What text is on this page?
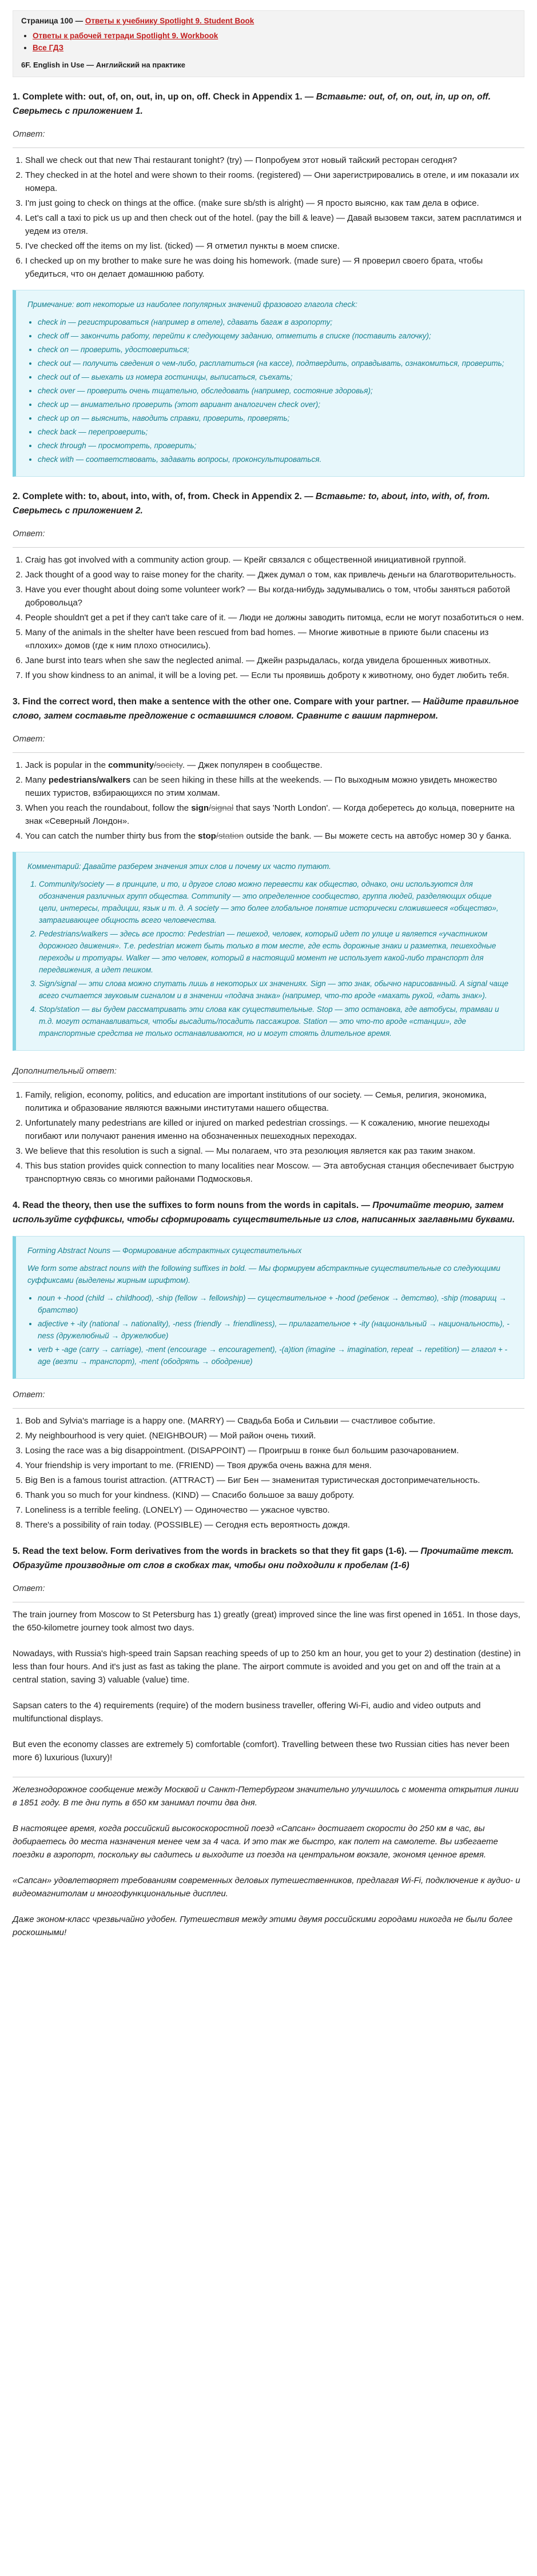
Страница 100 — Ответы к учебнику Spotlight 9. Student Book
• Ответы к рабочей тетради Spotlight 9. Workbook
• Все ГДЗ
6F. English in Use — Английский на практике
1. Complete with: out, of, on, out, in, up on, off. Check in Appendix 1. — Вставьте: out, of, on, out, in, up on, off. Сверьтесь с приложением 1.
Ответ:
1. Shall we check out that new Thai restaurant tonight? (try) — Попробуем этот новый тайский ресторан сегодня?
2. They checked in at the hotel and were shown to their rooms. (registered) — Они зарегистрировались в отеле, и им показали их номера.
3. I'm just going to check on things at the office. (make sure sb/sth is alright) — Я просто выясню, как там дела в офисе.
4. Let's call a taxi to pick us up and then check out of the hotel. (pay the bill & leave) — Давай вызовем такси, затем расплатимся и уедем из отеля.
5. I've checked off the items on my list. (ticked) — Я отметил пункты в моем списке.
6. I checked up on my brother to make sure he was doing his homework. (made sure) — Я проверил своего брата, чтобы убедиться, что он делает домашнюю работу.
Примечание: вот некоторые из наиболее популярных значений фразового глагола check:
• check in — регистрироваться (например в отеле), сдавать багаж в аэропорту;
• check off — закончить работу, перейти к следующему заданию, отметить в списке (поставить галочку);
• check on — проверить, удостовериться;
• check out — получить сведения о чем-либо, расплатиться (на кассе), подтвердить, оправдывать, ознакомиться, проверить;
• check out of — выехать из номера гостиницы, выписаться, съехать;
• check over — проверить очень тщательно, обследовать (например, состояние здоровья);
• check up — внимательно проверить (этот вариант аналогичен check over);
• check up on — выяснить, наводить справки, проверить, проверять;
• check back — перепроверить;
• check through — просмотреть, проверить;
• check with — соответствовать, задавать вопросы, проконсультироваться.
2. Complete with: to, about, into, with, of, from. Check in Appendix 2. — Вставьте: to, about, into, with, of, from. Сверьтесь с приложением 2.
Ответ:
1. Craig has got involved with a community action group. — Крейг связался с общественной инициативной группой.
2. Jack thought of a good way to raise money for the charity. — Джек думал о том, как привлечь деньги на благотворительность.
3. Have you ever thought about doing some volunteer work? — Вы когда-нибудь задумывались о том, чтобы заняться работой добровольца?
4. People shouldn't get a pet if they can't take care of it. — Люди не должны заводить питомца, если не могут позаботиться о нем.
5. Many of the animals in the shelter have been rescued from bad homes. — Многие животные в приюте были спасены из «плохих» домов (где к ним плохо относились).
6. Jane burst into tears when she saw the neglected animal. — Джейн разрыдалась, когда увидела брошенных животных.
7. If you show kindness to an animal, it will be a loving pet. — Если ты проявишь доброту к животному, оно будет любить тебя.
3. Find the correct word, then make a sentence with the other one. Compare with your partner. — Найдите правильное слово, затем составьте предложение с оставшимся словом. Сравните с вашим партнером.
Ответ:
1. Jack is popular in the community/society. — Джек популярен в сообществе.
2. Many pedestrians/walkers can be seen hiking in these hills at the weekends. — По выходным можно увидеть множество пеших туристов, взбирающихся по этим холмам.
3. When you reach the roundabout, follow the sign/signal that says 'North London'. — Когда доберетесь до кольца, поверните на знак «Северный Лондон».
4. You can catch the number thirty bus from the stop/station outside the bank. — Вы можете сесть на автобус номер 30 у банка.
Комментарий: Давайте разберем значения этих слов и почему их часто путают.
1. Community/society — в принципе, и то, и другое слово можно перевести как общество, однако, они используются для обозначения различных групп общества. Community — это определенное сообщество, группа людей, разделяющих общие цели, интересы, традиции, язык и т. д. А society — это более глобальное понятие исторически сложившееся «общество», затрагивающее общность всего человечества.
2. Pedestrians/walkers — здесь все просто: Pedestrian — пешеход, человек, который идет по улице и является «участником дорожного движения». Т.е. pedestrian может быть только в том месте, где есть дорожные знаки и разметка, пешеходные переходы и тротуары. Walker — это человек, который в настоящий момент не использует какой-либо транспорт для передвижения, а идет пешком.
3. Sign/signal — эти слова можно спутать лишь в некоторых их значениях. Sign — это знак, обычно нарисованный. А signal чаще всего считается звуковым сигналом и в значении «подача знака» (например, что-то вроде «махать рукой, «дать знак»).
4. Stop/station — вы будем рассматривать эти слова как существительные. Stop — это остановка, где автобусы, трамваи и т.д. могут останавливаться, чтобы высадить/посадить пассажиров. Station — это что-то вроде «станции», где транспортные средства не только останавливаются, но и могут стоять длительное время.
Дополнительный ответ:
1. Family, religion, economy, politics, and education are important institutions of our society. — Семья, религия, экономика, политика и образование являются важными институтами нашего общества.
2. Unfortunately many pedestrians are killed or injured on marked pedestrian crossings. — К сожалению, многие пешеходы погибают или получают ранения именно на обозначенных пешеходных переходах.
3. We believe that this resolution is such a signal. — Мы полагаем, что эта резолюция является как раз таким знаком.
4. This bus station provides quick connection to many localities near Moscow. — Эта автобусная станция обеспечивает быструю транспортную связь со многими районами Подмосковья.
4. Read the theory, then use the suffixes to form nouns from the words in capitals. — Прочитайте теорию, затем используйте суффиксы, чтобы сформировать существительные из слов, написанных заглавными буквами.
Forming Abstract Nouns — Формирование абстрактных существительных
We form some abstract nouns with the following suffixes in bold. — Мы формируем абстрактные существительные со следующими суффиксами (выделены жирным шрифтом).
• noun + -hood (child → childhood), -ship (fellow → fellowship) — существительное + -hood (ребенок → детство), -ship (товарищ → братство)
• adjective + -ity (national → nationality), -ness (friendly → friendliness), — прилагательное + -ity (национальный → национальность), -ness (дружелюбный → дружелюбие)
• verb + -age (carry → carriage), -ment (encourage → encouragement), -(a)tion (imagine → imagination, repeat → repetition) — глагол + -age (везти → транспорт), -ment (ободрять → ободрение)
Ответ:
1. Bob and Sylvia's marriage is a happy one. (MARRY) — Свадьба Боба и Сильвии — счастливое событие.
2. My neighbourhood is very quiet. (NEIGHBOUR) — Мой район очень тихий.
3. Losing the race was a big disappointment. (DISAPPOINT) — Проигрыш в гонке был большим разочарованием.
4. Your friendship is very important to me. (FRIEND) — Твоя дружба очень важна для меня.
5. Big Ben is a famous tourist attraction. (ATTRACT) — Биг Бен — знаменитая туристическая достопримечательность.
6. Thank you so much for your kindness. (KIND) — Спасибо большое за вашу доброту.
7. Loneliness is a terrible feeling. (LONELY) — Одиночество — ужасное чувство.
8. There's a possibility of rain today. (POSSIBLE) — Сегодня есть вероятность дождя.
5. Read the text below. Form derivatives from the words in brackets so that they fit gaps (1-6). — Прочитайте текст. Образуйте производные от слов в скобках так, чтобы они подходили к пробелам (1-6)
Ответ:

The train journey from Moscow to St Petersburg has 1) greatly (great) improved since the line was first opened in 1651. In those days, the 650-kilometre journey took almost two days.

Nowadays, with Russia's high-speed train Sapsan reaching speeds of up to 250 km an hour, you get to your 2) destination (destine) in less than four hours. And it's just as fast as taking the plane. The airport commute is avoided and you get on and off the train at a central station, saving 3) valuable (value) time.

Sapsan caters to the 4) requirements (require) of the modern business traveller, offering Wi-Fi, audio and video outputs and multifunctional displays.

But even the economy classes are extremely 5) comfortable (comfort). Travelling between these two Russian cities has never been more 6) luxurious (luxury)!

Железнодорожное сообщение между Москвой и Санкт-Петербургом значительно улучшилось с момента открытия линии в 1851 году. В те дни путь в 650 км занимал почти два дня.

В настоящее время, когда российский высокоскоростной поезд «Сапсан» достигает скорости до 250 км в час, вы добираетесь до места назначения менее чем за 4 часа. И это так же быстро, как полет на самолете. Вы избегаете поездки в аэропорт, поскольку вы садитесь и выходите из поезда на центральном вокзале, экономя ценное время.

«Сапсан» удовлетворяет требованиям современных деловых путешественников, предлагая Wi-Fi, подключение к аудио- и видеомагнитолам и многофункциональные дисплеи.

Даже эконом-класс чрезвычайно удобен. Путешествия между этими двумя российскими городами никогда не были более роскошными!
